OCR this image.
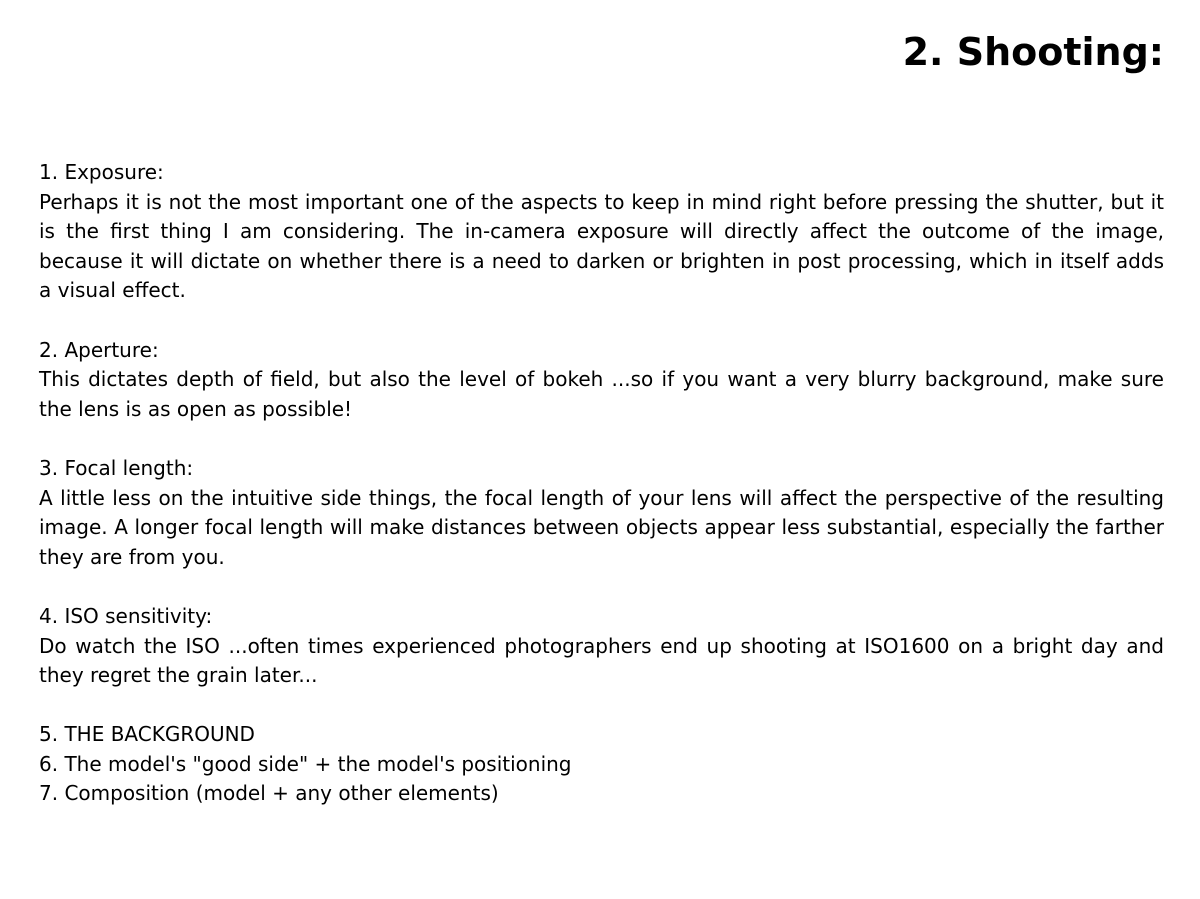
2. Shooting:
1. Exposure:
Perhaps it is not the most important one of the aspects to keep in mind right before pressing the shutter, but it is the first thing I am considering. The in-camera exposure will directly affect the outcome of the image, because it will dictate on whether there is a need to darken or brighten in post processing, which in itself adds a visual effect.
2. Aperture:
This dictates depth of field, but also the level of bokeh ...so if you want a very blurry background, make sure the lens is as open as possible!
3. Focal length:
A little less on the intuitive side things, the focal length of your lens will affect the perspective of the resulting image. A longer focal length will make distances between objects appear less substantial, especially the farther they are from you.
4. ISO sensitivity:
Do watch the ISO ...often times experienced photographers end up shooting at ISO1600 on a bright day and they regret the grain later...
5. THE BACKGROUND
6. The model's "good side" + the model's positioning
7. Composition (model + any other elements)
